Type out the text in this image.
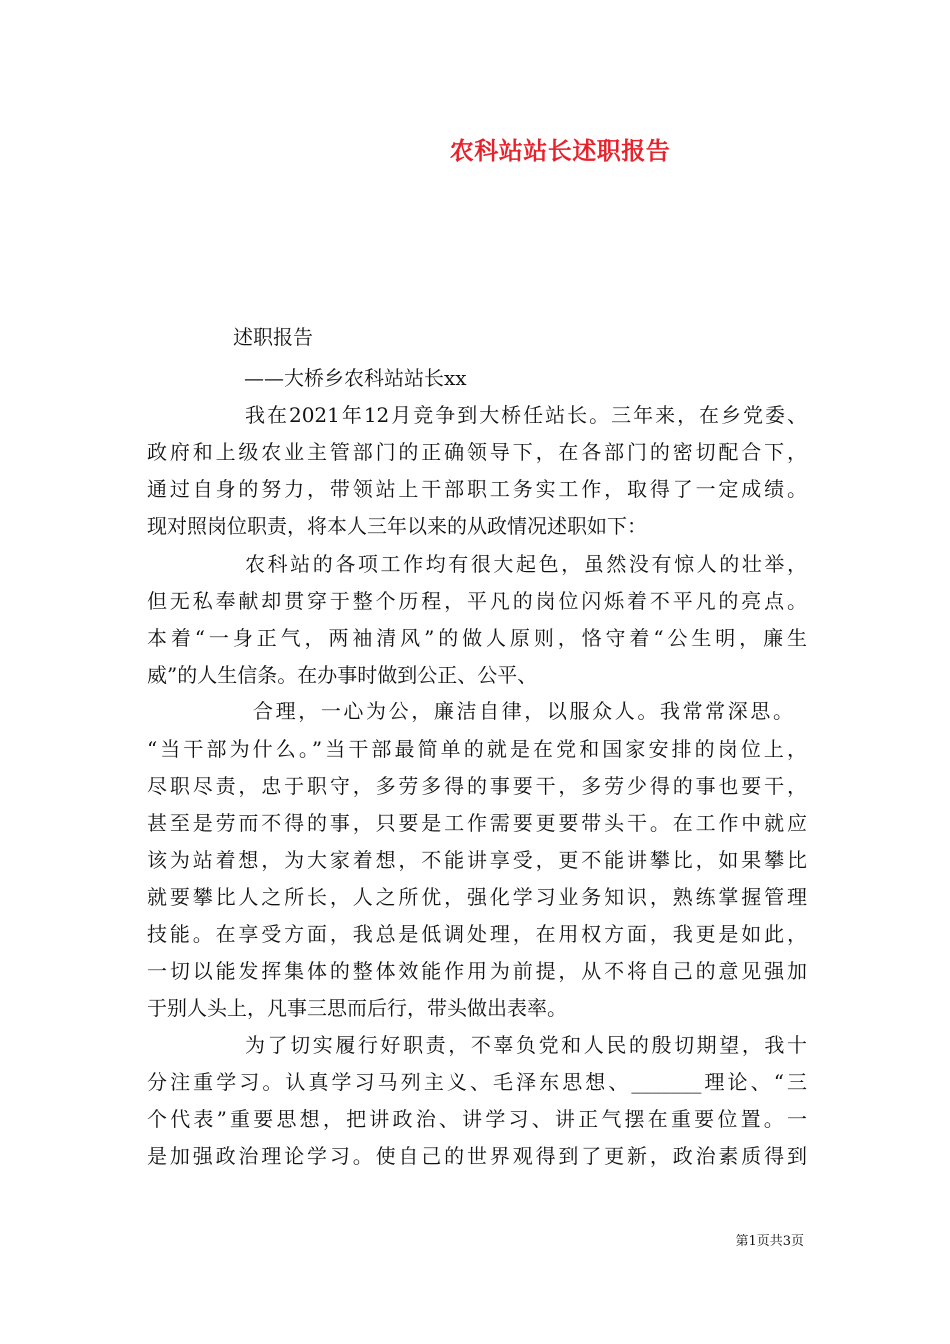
农科站站长述职报告
述职报告
——大桥乡农科站站长xx
我在2021年12月竞争到大桥任站长。三年来，在乡党委、
政府和上级农业主管部门的正确领导下，在各部门的密切配合下，
通过自身的努力，带领站上干部职工务实工作，取得了一定成绩。
现对照岗位职责，将本人三年以来的从政情况述职如下：
农科站的各项工作均有很大起色，虽然没有惊人的壮举，
但无私奉献却贯穿于整个历程，平凡的岗位闪烁着不平凡的亮点。
本着“一身正气，两袖清风”的做人原则，恪守着“公生明，廉生
威”的人生信条。在办事时做到公正、公平、
合理，一心为公，廉洁自律，以服众人。我常常深思。
“当干部为什么。”当干部最简单的就是在党和国家安排的岗位上，
尽职尽责，忠于职守，多劳多得的事要干，多劳少得的事也要干，
甚至是劳而不得的事，只要是工作需要更要带头干。在工作中就应
该为站着想，为大家着想，不能讲享受，更不能讲攀比，如果攀比
就要攀比人之所长，人之所优，强化学习业务知识，熟练掌握管理
技能。在享受方面，我总是低调处理，在用权方面，我更是如此，
一切以能发挥集体的整体效能作用为前提，从不将自己的意见强加
于别人头上，凡事三思而后行，带头做出表率。
为了切实履行好职责，不辜负党和人民的殷切期望，我十
分注重学习。认真学习马列主义、毛泽东思想、_______理论、“三
个代表”重要思想，把讲政治、讲学习、讲正气摆在重要位置。一
是加强政治理论学习。使自己的世界观得到了更新，政治素质得到
第1页共3页
